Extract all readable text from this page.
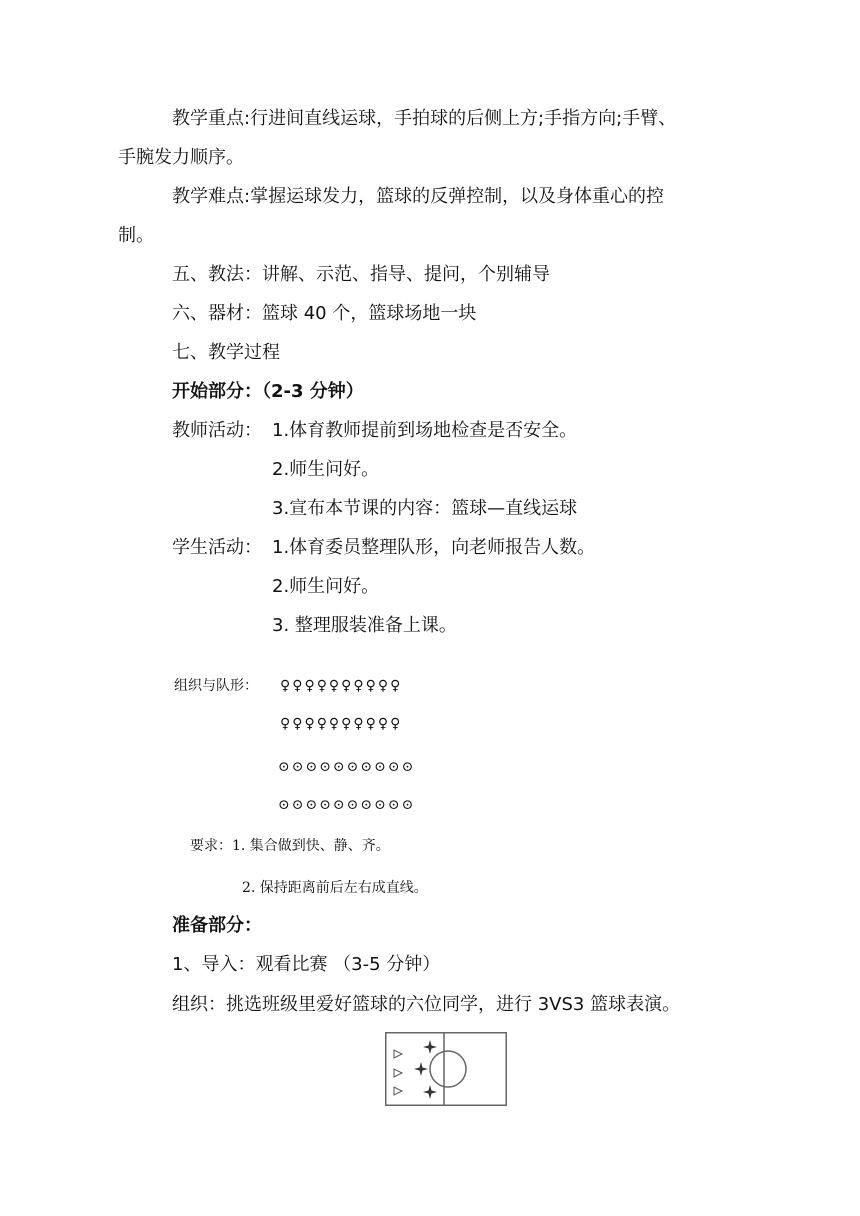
教学重点:行进间直线运球，手拍球的后侧上方;手指方向;手臂、
手腕发力顺序。
教学难点:掌握运球发力，篮球的反弹控制，以及身体重心的控
制。
五、教法：讲解、示范、指导、提问，个别辅导
六、器材：篮球 40 个，篮球场地一块
七、教学过程
开始部分：（2-3 分钟）
教师活动： 1.体育教师提前到场地检查是否安全。
2.师生问好。
3.宣布本节课的内容：篮球—直线运球
学生活动： 1.体育委员整理队形，向老师报告人数。
2.师生问好。
3. 整理服装准备上课。
组织与队形： ♀♀♀♀♀♀♀♀♀♀
♀♀♀♀♀♀♀♀♀♀
⊙⊙⊙⊙⊙⊙⊙⊙⊙⊙
⊙⊙⊙⊙⊙⊙⊙⊙⊙⊙
要求：1. 集合做到快、静、齐。
2. 保持距离前后左右成直线。
准备部分：
1、导入：观看比赛 （3-5 分钟）
组织：挑选班级里爱好篮球的六位同学，进行 3VS3 篮球表演。
